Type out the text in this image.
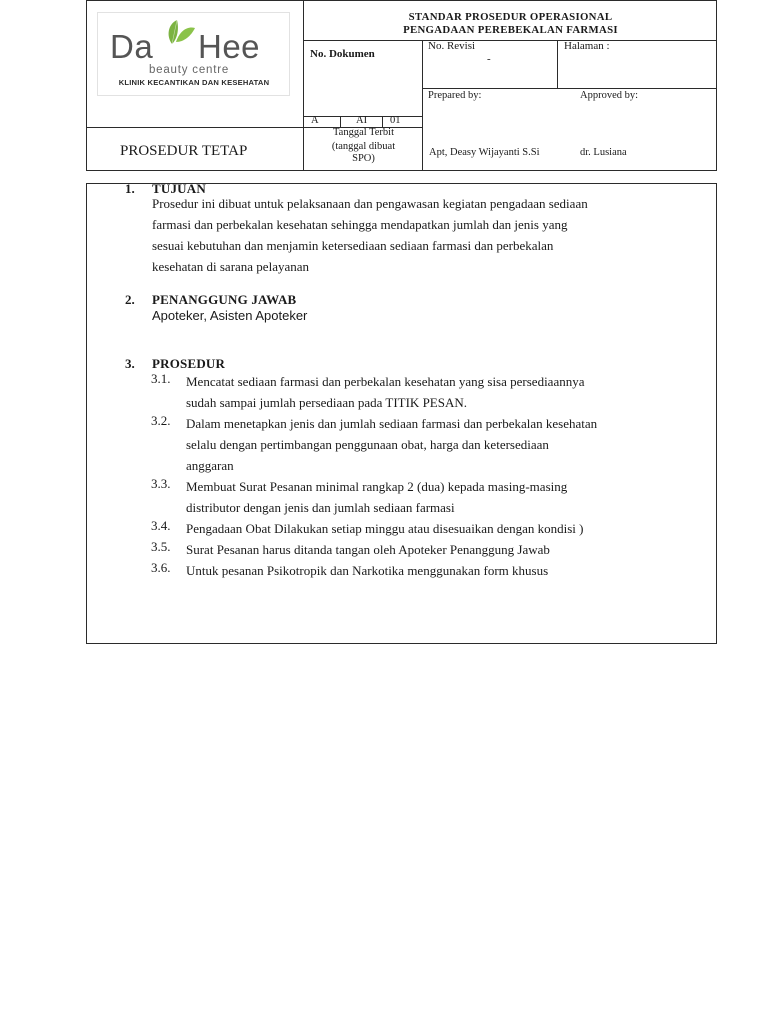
Da Hee
beauty centre
KLINIK KECANTIKAN DAN KESEHATAN
STANDAR PROSEDUR OPERASIONAL
PENGADAAN PEREBEKALAN FARMASI
No. Dokumen
No. Revisi
-
Halaman :
A	AI 01
Prepared by:	Approved by:
PROSEDUR TETAP
Tanggal Terbit
(tanggal dibuat
SPO)
Apt, Deasy Wijayanti S.Si	dr. Lusiana
1. TUJUAN
Prosedur ini dibuat untuk pelaksanaan dan pengawasan kegiatan pengadaan sediaan
farmasi dan perbekalan kesehatan sehingga mendapatkan jumlah dan jenis yang
sesuai kebutuhan dan menjamin ketersediaan sediaan farmasi dan perbekalan
kesehatan di sarana pelayanan
2. PENANGGUNG JAWAB
Apoteker, Asisten Apoteker
3. PROSEDUR
3.1. Mencatat sediaan farmasi dan perbekalan kesehatan yang sisa persediaannya
sudah sampai jumlah persediaan pada TITIK PESAN.
3.2. Dalam menetapkan jenis dan jumlah sediaan farmasi dan perbekalan kesehatan
selalu dengan pertimbangan penggunaan obat, harga dan ketersediaan
anggaran
3.3. Membuat Surat Pesanan minimal rangkap 2 (dua) kepada masing-masing
distributor dengan jenis dan jumlah sediaan farmasi
3.4. Pengadaan Obat Dilakukan setiap minggu atau disesuaikan dengan kondisi )
3.5. Surat Pesanan harus ditanda tangan oleh Apoteker Penanggung Jawab
3.6. Untuk pesanan Psikotropik dan Narkotika menggunakan form khusus
